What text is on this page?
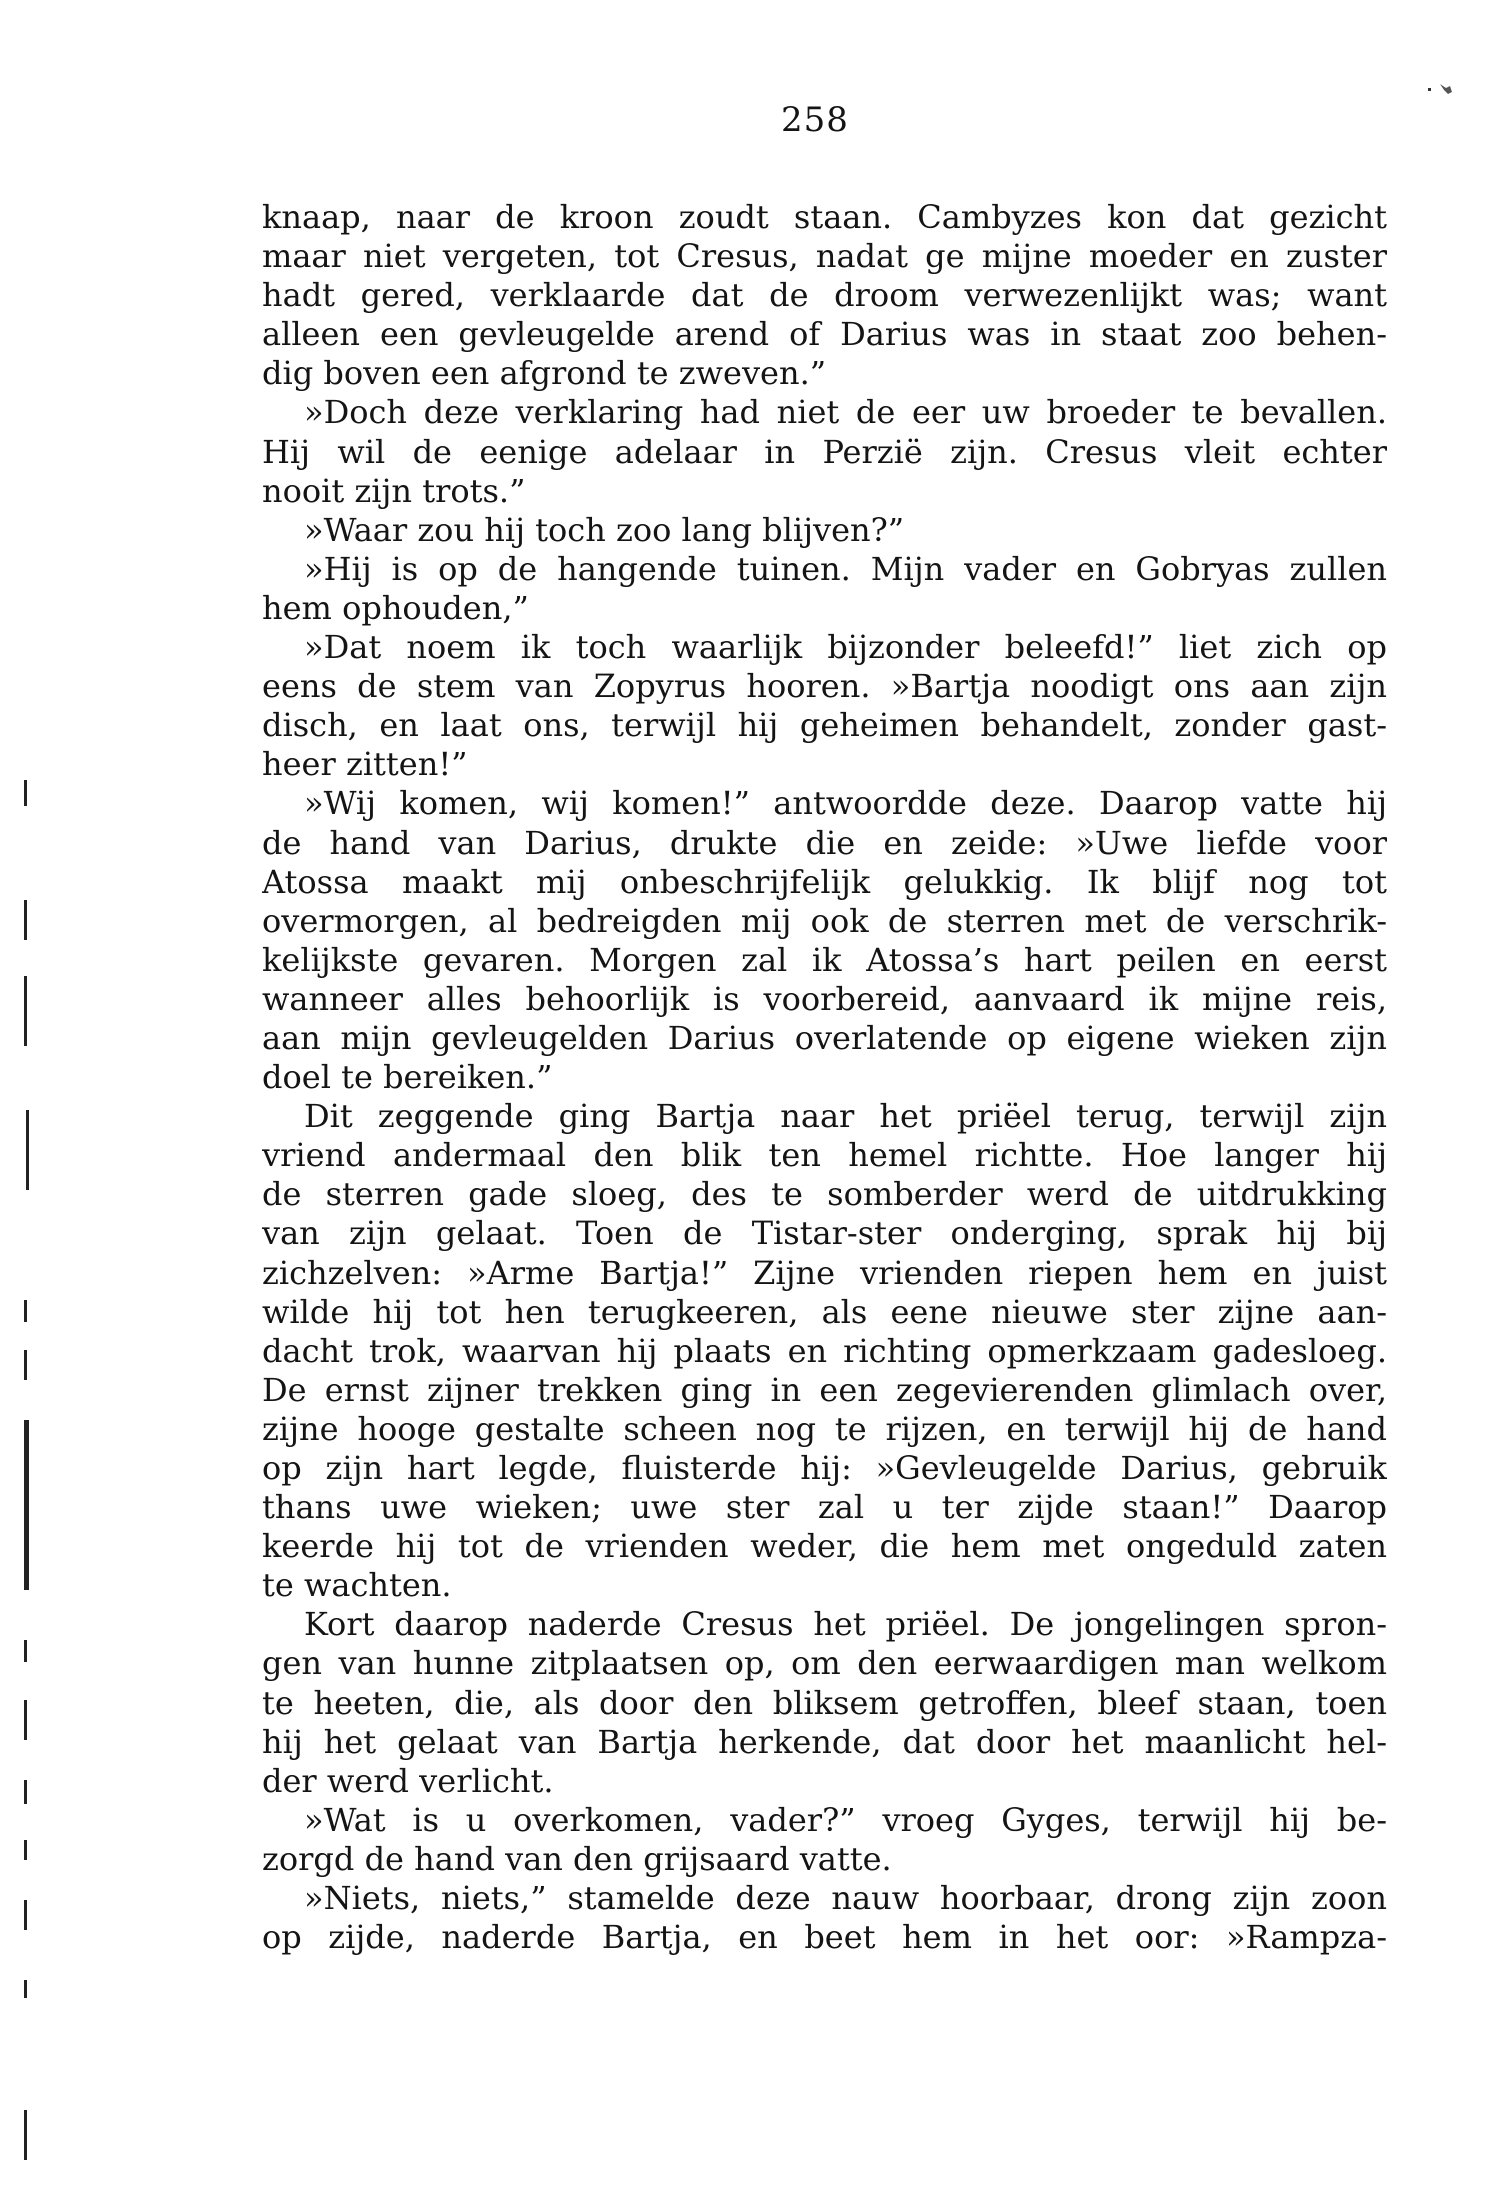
258

knaap, naar de kroon zoudt staan. Cambyzes kon dat gezicht
maar niet vergeten, tot Cresus, nadat ge mijne moeder en zuster
hadt gered, verklaarde dat de droom verwezenlijkt was; want
alleen een gevleugelde arend of Darius was in staat zoo behen-
dig boven een afgrond te zweven.”
»Doch deze verklaring had niet de eer uw broeder te bevallen.
Hij wil de eenige adelaar in Perzië zijn. Cresus vleit echter
nooit zijn trots.”
»Waar zou hij toch zoo lang blijven?”
»Hij is op de hangende tuinen. Mijn vader en Gobryas zullen
hem ophouden,”
»Dat noem ik toch waarlijk bijzonder beleefd!” liet zich op
eens de stem van Zopyrus hooren. »Bartja noodigt ons aan zijn
disch, en laat ons, terwijl hij geheimen behandelt, zonder gast-
heer zitten!”
»Wij komen, wij komen!” antwoordde deze. Daarop vatte hij
de hand van Darius, drukte die en zeide: »Uwe liefde voor
Atossa maakt mij onbeschrijfelijk gelukkig. Ik blijf nog tot
overmorgen, al bedreigden mij ook de sterren met de verschrik-
kelijkste gevaren. Morgen zal ik Atossa’s hart peilen en eerst
wanneer alles behoorlijk is voorbereid, aanvaard ik mijne reis,
aan mijn gevleugelden Darius overlatende op eigene wieken zijn
doel te bereiken.”
Dit zeggende ging Bartja naar het priëel terug, terwijl zijn
vriend andermaal den blik ten hemel richtte. Hoe langer hij
de sterren gade sloeg, des te somberder werd de uitdrukking
van zijn gelaat. Toen de Tistar-ster onderging, sprak hij bij
zichzelven: »Arme Bartja!” Zijne vrienden riepen hem en juist
wilde hij tot hen terugkeeren, als eene nieuwe ster zijne aan-
dacht trok, waarvan hij plaats en richting opmerkzaam gadesloeg.
De ernst zijner trekken ging in een zegevierenden glimlach over,
zijne hooge gestalte scheen nog te rijzen, en terwijl hij de hand
op zijn hart legde, fluisterde hij: »Gevleugelde Darius, gebruik
thans uwe wieken; uwe ster zal u ter zijde staan!” Daarop
keerde hij tot de vrienden weder, die hem met ongeduld zaten
te wachten.
Kort daarop naderde Cresus het priëel. De jongelingen spron-
gen van hunne zitplaatsen op, om den eerwaardigen man welkom
te heeten, die, als door den bliksem getroffen, bleef staan, toen
hij het gelaat van Bartja herkende, dat door het maanlicht hel-
der werd verlicht.
»Wat is u overkomen, vader?” vroeg Gyges, terwijl hij be-
zorgd de hand van den grijsaard vatte.
»Niets, niets,” stamelde deze nauw hoorbaar, drong zijn zoon
op zijde, naderde Bartja, en beet hem in het oor: »Rampza-
